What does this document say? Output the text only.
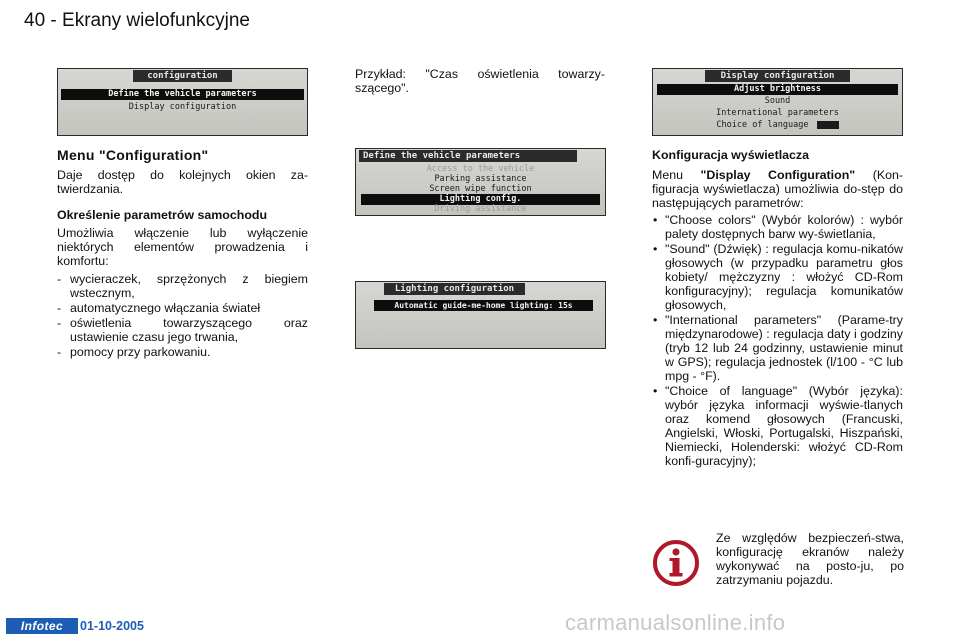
40 - Ekrany wielofunkcyjne
configuration
Define the vehicle parameters
Display configuration
Menu "Configuration"

Daje dostęp do kolejnych okien za-twierdzania.

Określenie parametrów samochodu

Umożliwia włączenie lub wyłączenie niektórych elementów prowadzenia i komfortu:

- wycieraczek, sprzężonych z biegiem wstecznym,
- automatycznego włączania świateł
- oświetlenia towarzyszącego oraz ustawienie czasu jego trwania,
- pomocy przy parkowaniu.

Przykład: "Czas oświetlenia towarzy-szącego".

Define the vehicle parameters
Access to the vehicle
Parking assistance
Screen wipe function
Lighting config.
Driving assistance
Lighting configuration
Automatic guide-me-home lighting: 15s
Display configuration
Adjust brightness
Sound
International parameters
Choice of language
Konfiguracja wyświetlacza

Menu "Display Configuration" (Kon-figuracja wyświetlacza) umożliwia do-stęp do następujących parametrów:

• "Choose colors" (Wybór kolorów) : wybór palety dostępnych barw wy-świetlania,
• "Sound" (Dźwięk) : regulacja komu-nikatów głosowych (w przypadku parametru głos kobiety/ mężczyzny : włożyć CD-Rom konfiguracyjny); regulacja komunikatów głosowych,
• "International parameters" (Parame-try międzynarodowe) : regulacja daty i godziny (tryb 12 lub 24 godzinny, ustawienie minut w GPS); regulacja jednostek (l/100 - °C lub mpg - °F).
• "Choice of language" (Wybór języka): wybór języka informacji wyświe-tlanych oraz komend głosowych (Francuski, Angielski, Włoski, Portugalski, Hiszpański, Niemiecki, Holenderski: włożyć CD-Rom konfi-guracyjny);

Ze względów bezpieczeń-stwa, konfigurację ekranów należy wykonywać na posto-ju, po zatrzymaniu pojazdu.

Infotec	01-10-2005	carmanualsonline.info
